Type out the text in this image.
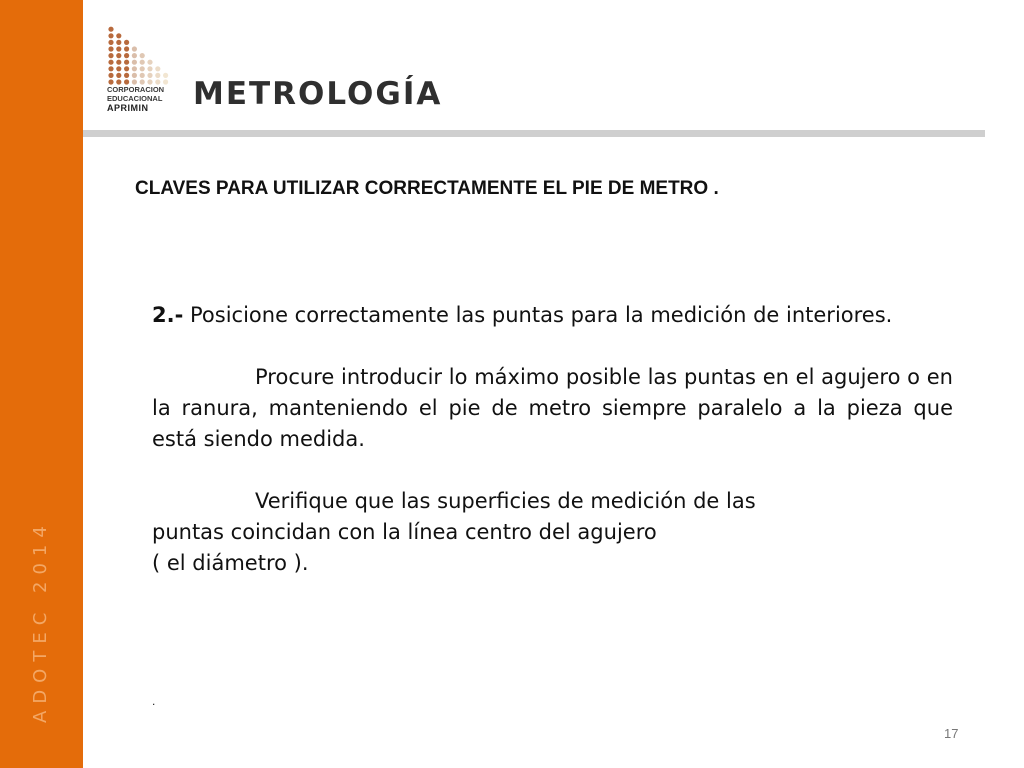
ADOTEC 2014
CORPORACION
EDUCACIONAL
APRIMIN	METROLOGÍA
CLAVES PARA UTILIZAR CORRECTAMENTE EL PIE DE METRO .

2.- Posicione correctamente las puntas para la medición de interiores.

Procure introducir lo máximo posible las puntas en el agujero o en la ranura, manteniendo el pie de metro siempre paralelo a la pieza que está siendo medida.

Verifique que las superficies de medición de las
puntas coincidan con la línea centro del agujero
( el diámetro ).

.
17
